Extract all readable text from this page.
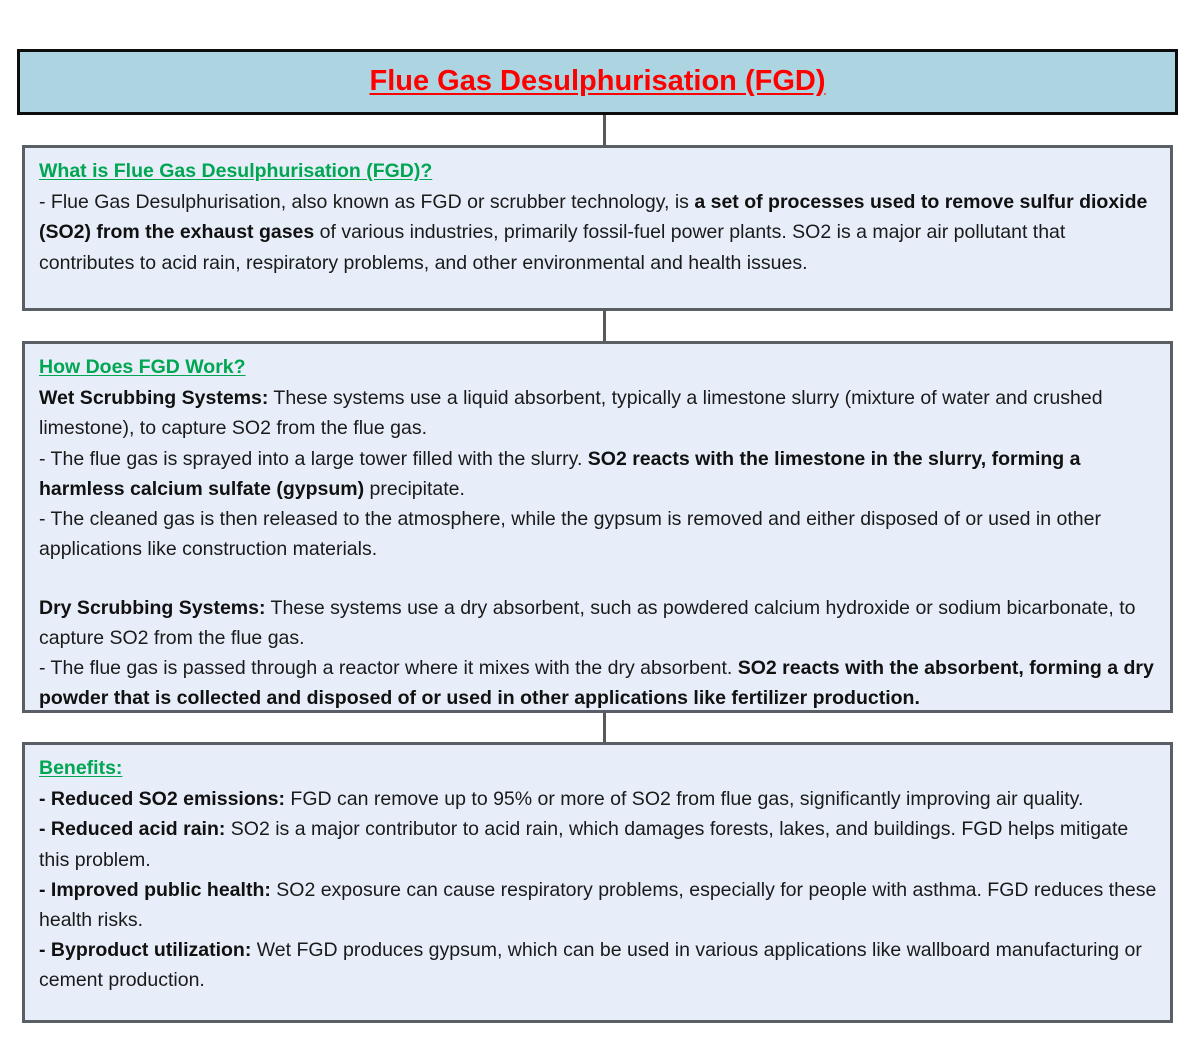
Flue Gas Desulphurisation (FGD)
What is Flue Gas Desulphurisation (FGD)?

- Flue Gas Desulphurisation, also known as FGD or scrubber technology, is a set of processes used to remove sulfur dioxide (SO2) from the exhaust gases of various industries, primarily fossil-fuel power plants. SO2 is a major air pollutant that contributes to acid rain, respiratory problems, and other environmental and health issues.

How Does FGD Work?

Wet Scrubbing Systems: These systems use a liquid absorbent, typically a limestone slurry (mixture of water and crushed limestone), to capture SO2 from the flue gas.

- The flue gas is sprayed into a large tower filled with the slurry. SO2 reacts with the limestone in the slurry, forming a harmless calcium sulfate (gypsum) precipitate.

- The cleaned gas is then released to the atmosphere, while the gypsum is removed and either disposed of or used in other applications like construction materials.

Dry Scrubbing Systems: These systems use a dry absorbent, such as powdered calcium hydroxide or sodium bicarbonate, to capture SO2 from the flue gas.

- The flue gas is passed through a reactor where it mixes with the dry absorbent. SO2 reacts with the absorbent, forming a dry powder that is collected and disposed of or used in other applications like fertilizer production.

Benefits:

- Reduced SO2 emissions: FGD can remove up to 95% or more of SO2 from flue gas, significantly improving air quality.

- Reduced acid rain: SO2 is a major contributor to acid rain, which damages forests, lakes, and buildings. FGD helps mitigate this problem.

- Improved public health: SO2 exposure can cause respiratory problems, especially for people with asthma. FGD reduces these health risks.

- Byproduct utilization: Wet FGD produces gypsum, which can be used in various applications like wallboard manufacturing or cement production.
